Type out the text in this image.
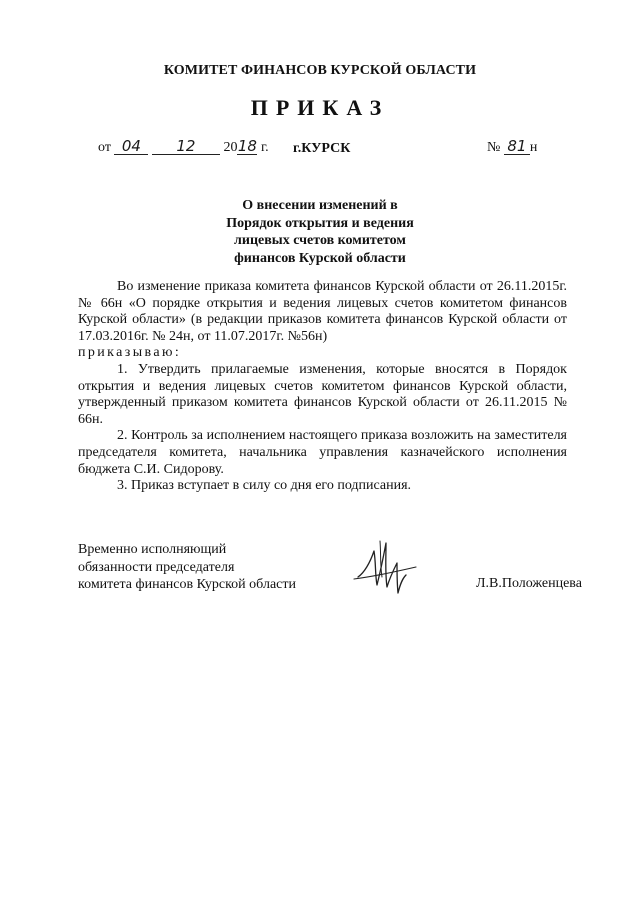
КОМИТЕТ ФИНАНСОВ КУРСКОЙ ОБЛАСТИ
ПРИКАЗ
от 04 12 2018 г. г.КУРСК	№ 81 н
О внесении изменений в
Порядок открытия и ведения
лицевых счетов комитетом
финансов Курской области

Во изменение приказа комитета финансов Курской области от 26.11.2015г. № 66н «О порядке открытия и ведения лицевых счетов комитетом финансов Курской области» (в редакции приказов комитета финансов Курской области от 17.03.2016г. № 24н, от 11.07.2017г. №56н)

приказываю:

1. Утвердить прилагаемые изменения, которые вносятся в Порядок открытия и ведения лицевых счетов комитетом финансов Курской области, утвержденный приказом комитета финансов Курской области от 26.11.2015 № 66н.

2. Контроль за исполнением настоящего приказа возложить на заместителя председателя комитета, начальника управления казначейского исполнения бюджета С.И. Сидорову.

3. Приказ вступает в силу со дня его подписания.

Временно исполняющий
обязанности председателя
комитета финансов Курской области	Л.В.Положенцева
